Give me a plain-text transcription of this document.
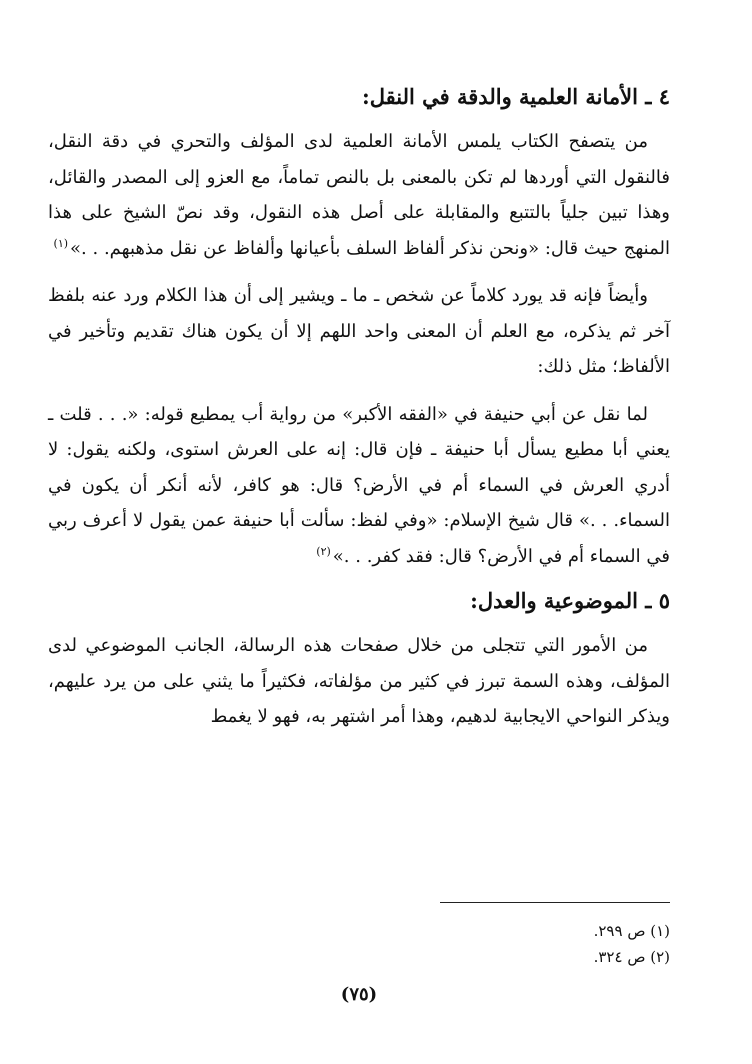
٤ ـ الأمانة العلمية والدقة في النقل:

من يتصفح الكتاب يلمس الأمانة العلمية لدى المؤلف والتحري في دقة النقل، فالنقول التي أوردها لم تكن بالمعنى بل بالنص تماماً، مع العزو إلى المصدر والقائل، وهذا تبين جلياً بالتتبع والمقابلة على أصل هذه النقول، وقد نصّ الشيخ على هذا المنهج حيث قال: «ونحن نذكر ألفاظ السلف بأعيانها وألفاظ عن نقل مذهبهم. . .»$^{(١)}$

وأيضاً فإنه قد يورد كلاماً عن شخص ـ ما ـ ويشير إلى أن هذا الكلام ورد عنه بلفظ آخر ثم يذكره، مع العلم أن المعنى واحد اللهم إلا أن يكون هناك تقديم وتأخير في الألفاظ؛ مثل ذلك:

لما نقل عن أبي حنيفة في «الفقه الأكبر» من رواية أب يمطيع قوله: «. . . قلت ـ يعني أبا مطيع يسأل أبا حنيفة ـ فإن قال: إنه على العرش استوى، ولكنه يقول: لا أدري العرش في السماء أم في الأرض؟ قال: هو كافر، لأنه أنكر أن يكون في السماء. . .» قال شيخ الإسلام: «وفي لفظ: سألت أبا حنيفة عمن يقول لا أعرف ربي في السماء أم في الأرض؟ قال: فقد كفر. . .»$^{(٢)}$

٥ ـ الموضوعية والعدل:

من الأمور التي تتجلى من خلال صفحات هذه الرسالة، الجانب الموضوعي لدى المؤلف، وهذه السمة تبرز في كثير من مؤلفاته، فكثيراً ما يثني على من يرد عليهم، ويذكر النواحي الايجابية لدهيم، وهذا أمر اشتهر به، فهو لا يغمط

(١) ص ٢٩٩.

(٢) ص ٣٢٤.

(٧٥)
